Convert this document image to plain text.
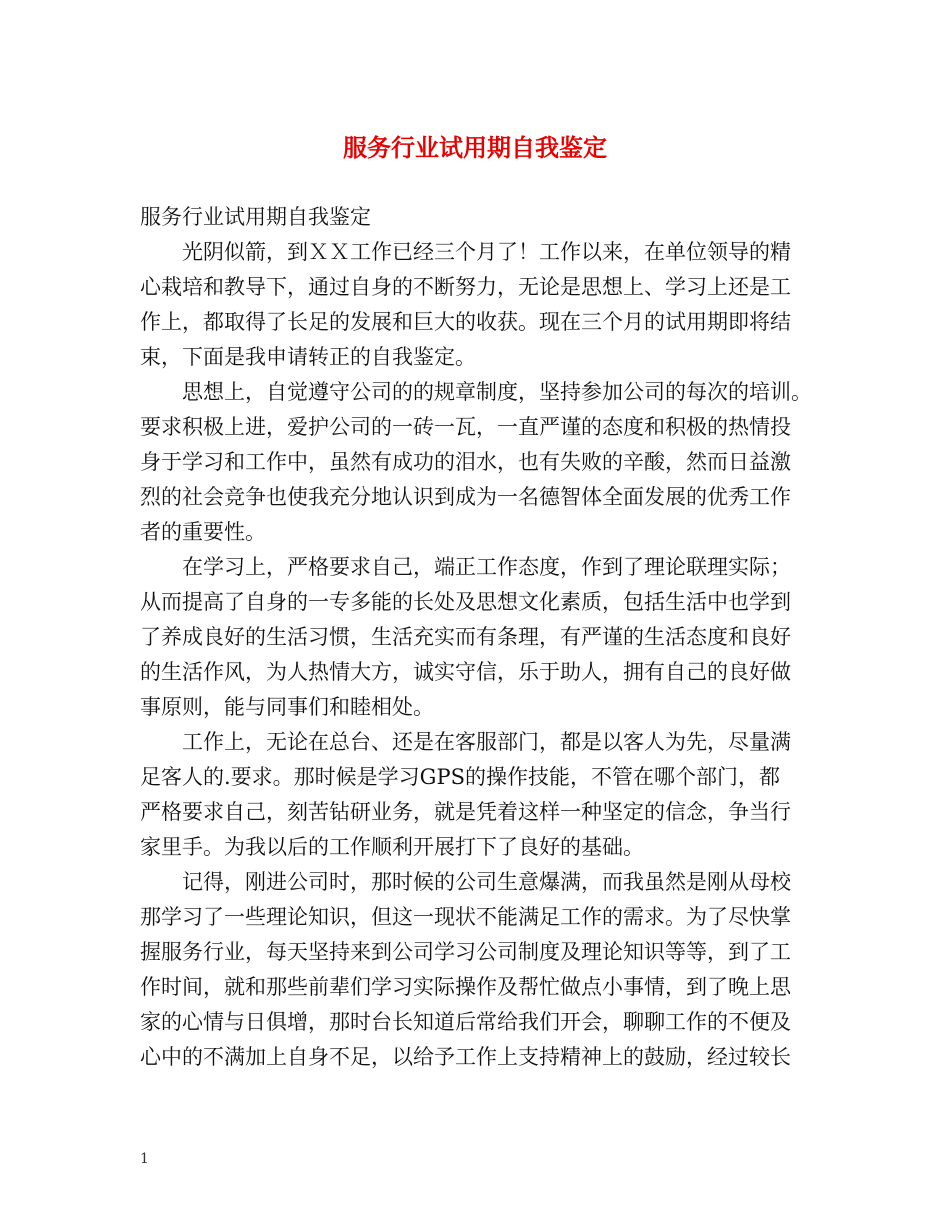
服务行业试用期自我鉴定

服务行业试用期自我鉴定

光阴似箭，到ＸＸ工作已经三个月了！工作以来，在单位领导的精
心栽培和教导下，通过自身的不断努力，无论是思想上、学习上还是工
作上，都取得了长足的发展和巨大的收获。现在三个月的试用期即将结
束，下面是我申请转正的自我鉴定。

思想上，自觉遵守公司的的规章制度，坚持参加公司的每次的培训。
要求积极上进，爱护公司的一砖一瓦，一直严谨的态度和积极的热情投
身于学习和工作中，虽然有成功的泪水，也有失败的辛酸，然而日益激
烈的社会竞争也使我充分地认识到成为一名德智体全面发展的优秀工作
者的重要性。

在学习上，严格要求自己，端正工作态度，作到了理论联理实际；
从而提高了自身的一专多能的长处及思想文化素质，包括生活中也学到
了养成良好的生活习惯，生活充实而有条理，有严谨的生活态度和良好
的生活作风，为人热情大方，诚实守信，乐于助人，拥有自己的良好做
事原则，能与同事们和睦相处。

工作上，无论在总台、还是在客服部门，都是以客人为先，尽量满
足客人的.要求。那时候是学习GPS的操作技能，不管在哪个部门，都
严格要求自己，刻苦钻研业务，就是凭着这样一种坚定的信念，争当行
家里手。为我以后的工作顺利开展打下了良好的基础。

记得，刚进公司时，那时候的公司生意爆满，而我虽然是刚从母校
那学习了一些理论知识，但这一现状不能满足工作的需求。为了尽快掌
握服务行业，每天坚持来到公司学习公司制度及理论知识等等，到了工
作时间，就和那些前辈们学习实际操作及帮忙做点小事情，到了晚上思
家的心情与日俱增，那时台长知道后常给我们开会，聊聊工作的不便及
心中的不满加上自身不足，以给予工作上支持精神上的鼓励，经过较长

1
